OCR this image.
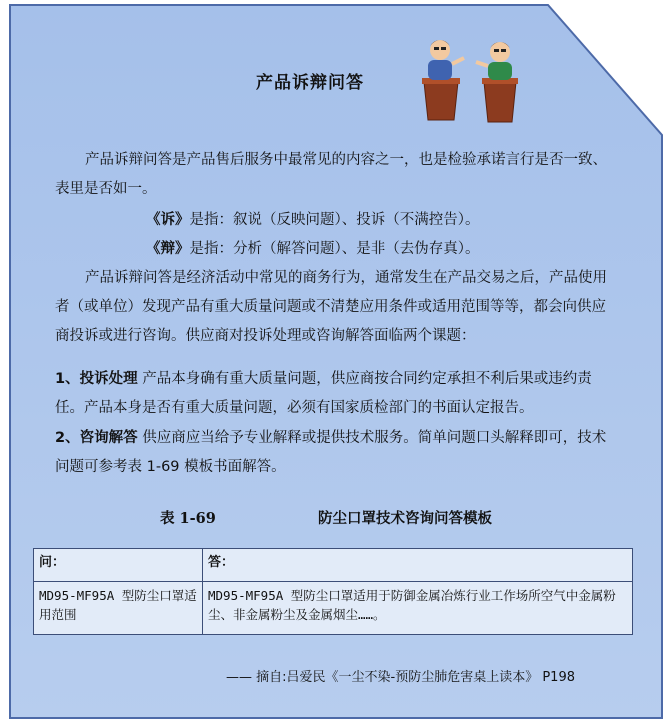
产品诉辩问答
产品诉辩问答是产品售后服务中最常见的内容之一，也是检验承诺言行是否一致、表里是否如一。
《诉》是指：叙说（反映问题）、投诉（不满控告）。
《辩》是指：分析（解答问题）、是非（去伪存真）。
产品诉辩问答是经济活动中常见的商务行为，通常发生在产品交易之后，产品使用者（或单位）发现产品有重大质量问题或不清楚应用条件或适用范围等等，都会向供应商投诉或进行咨询。供应商对投诉处理或咨询解答面临两个课题：
1、投诉处理 产品本身确有重大质量问题，供应商按合同约定承担不利后果或违约责任。产品本身是否有重大质量问题，必须有国家质检部门的书面认定报告。
2、咨询解答 供应商应当给予专业解释或提供技术服务。简单问题口头解释即可，技术问题可参考表 1-69 模板书面解答。
表 1-69	防尘口罩技术咨询问答模板
问：	答：
MD95-MF95A 型防尘口罩适用范围	MD95-MF95A 型防尘口罩适用于防御金属冶炼行业工作场所空气中金属粉尘、非金属粉尘及金属烟尘……。
—— 摘自:吕爱民《一尘不染-预防尘肺危害桌上读本》 P198
